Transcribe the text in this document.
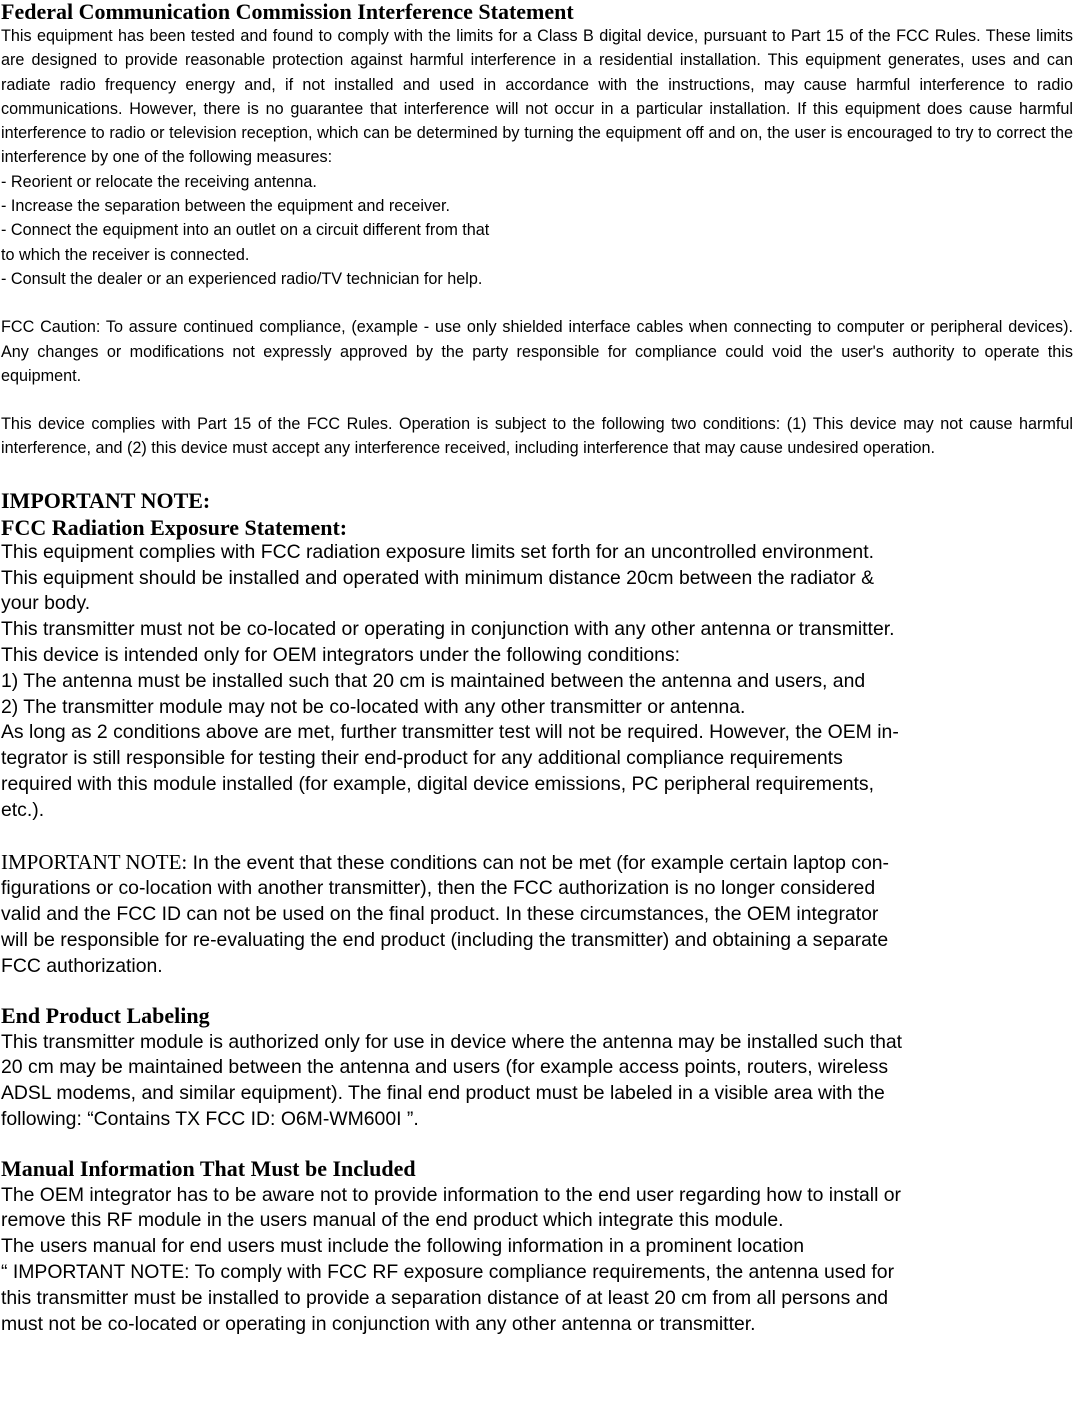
Federal Communication Commission Interference Statement

This equipment has been tested and found to comply with the limits for a Class B digital device, pursuant to Part 15 of the FCC Rules. These limits are designed to provide reasonable protection against harmful interference in a residential installation. This equipment generates, uses and can radiate radio frequency energy and, if not installed and used in accordance with the instructions, may cause harmful interference to radio communications. However, there is no guarantee that interference will not occur in a particular installation. If this equipment does cause harmful interference to radio or television reception, which can be determined by turning the equipment off and on, the user is encouraged to try to correct the interference by one of the following measures:

- Reorient or relocate the receiving antenna.

- Increase the separation between the equipment and receiver.

- Connect the equipment into an outlet on a circuit different from that

to which the receiver is connected.

- Consult the dealer or an experienced radio/TV technician for help.

FCC Caution: To assure continued compliance, (example - use only shielded interface cables when connecting to computer or peripheral devices). Any changes or modifications not expressly approved by the party responsible for compliance could void the user's authority to operate this equipment.

This device complies with Part 15 of the FCC Rules. Operation is subject to the following two conditions: (1) This device may not cause harmful interference, and (2) this device must accept any interference received, including interference that may cause undesired operation.

IMPORTANT NOTE:
FCC Radiation Exposure Statement:

This equipment complies with FCC radiation exposure limits set forth for an uncontrolled environment.

This equipment should be installed and operated with minimum distance 20cm between the radiator &

your body.

This transmitter must not be co-located or operating in conjunction with any other antenna or transmitter.

This device is intended only for OEM integrators under the following conditions:

1) The antenna must be installed such that 20 cm is maintained between the antenna and users, and

2) The transmitter module may not be co-located with any other transmitter or antenna.

As long as 2 conditions above are met, further transmitter test will not be required. However, the OEM in-

tegrator is still responsible for testing their end-product for any additional compliance requirements

required with this module installed (for example, digital device emissions, PC peripheral requirements,

etc.).

IMPORTANT NOTE: In the event that these conditions can not be met (for example certain laptop con-

figurations or co-location with another transmitter), then the FCC authorization is no longer considered

valid and the FCC ID can not be used on the final product. In these circumstances, the OEM integrator

will be responsible for re-evaluating the end product (including the transmitter) and obtaining a separate

FCC authorization.

End Product Labeling

This transmitter module is authorized only for use in device where the antenna may be installed such that

20 cm may be maintained between the antenna and users (for example access points, routers, wireless

ADSL modems, and similar equipment). The final end product must be labeled in a visible area with the

following: “Contains TX FCC ID: O6M-WM600I ”.

Manual Information That Must be Included

The OEM integrator has to be aware not to provide information to the end user regarding how to install or

remove this RF module in the users manual of the end product which integrate this module.

The users manual for end users must include the following information in a prominent location

“ IMPORTANT NOTE: To comply with FCC RF exposure compliance requirements, the antenna used for

this transmitter must be installed to provide a separation distance of at least 20 cm from all persons and

must not be co-located or operating in conjunction with any other antenna or transmitter.
